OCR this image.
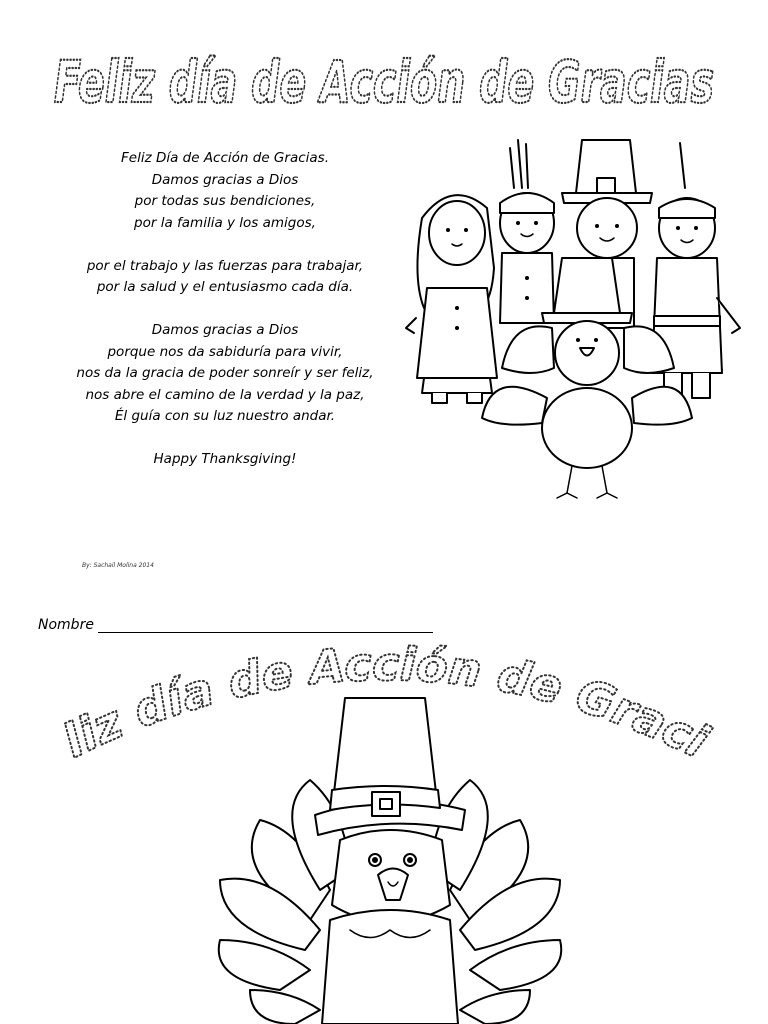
Feliz día de Acción de Gracias
Feliz Día de Acción de Gracias.
Damos gracias a Dios
por todas sus bendiciones,
por la familia y los amigos,
por el trabajo y las fuerzas para trabajar,
por la salud y el entusiasmo cada día.
Damos gracias a Dios
porque nos da sabiduría para vivir,
nos da la gracia de poder sonreír y ser feliz,
nos abre el camino de la verdad y la paz,
Él guía con su luz nuestro andar.
Happy Thanksgiving!
By: Sachail Molina 2014
Nombre
liz día de Acción de Graci
